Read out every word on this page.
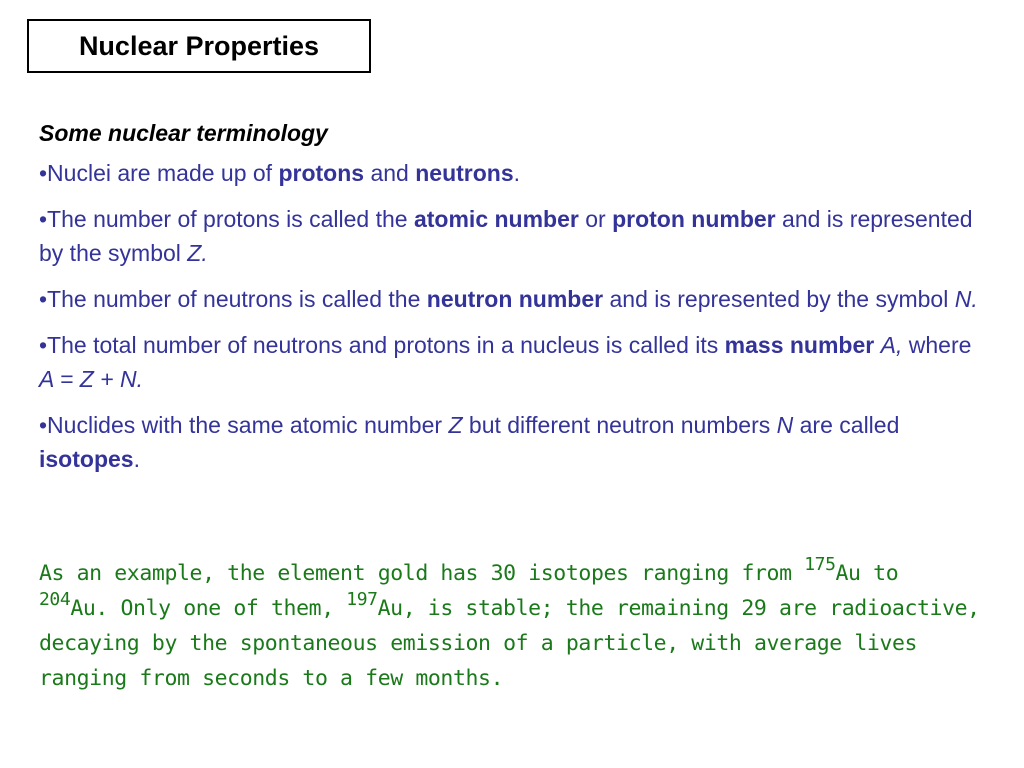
Nuclear Properties
Some nuclear terminology
•Nuclei are made up of protons and neutrons.
•The number of protons is called the atomic number or proton number and is represented by the symbol Z.
•The number of neutrons is called the neutron number and is represented by the symbol N.
•The total number of neutrons and protons in a nucleus is called its mass number A, where A = Z + N.
•Nuclides with the same atomic number Z but different neutron numbers N are called isotopes.
As an example, the element gold has 30 isotopes ranging from $^{175}$Au to
$^{204}$Au. Only one of them, $^{197}$Au, is stable; the remaining 29 are radioactive, decaying by the spontaneous emission of a particle, with average lives ranging from seconds to a few months.
